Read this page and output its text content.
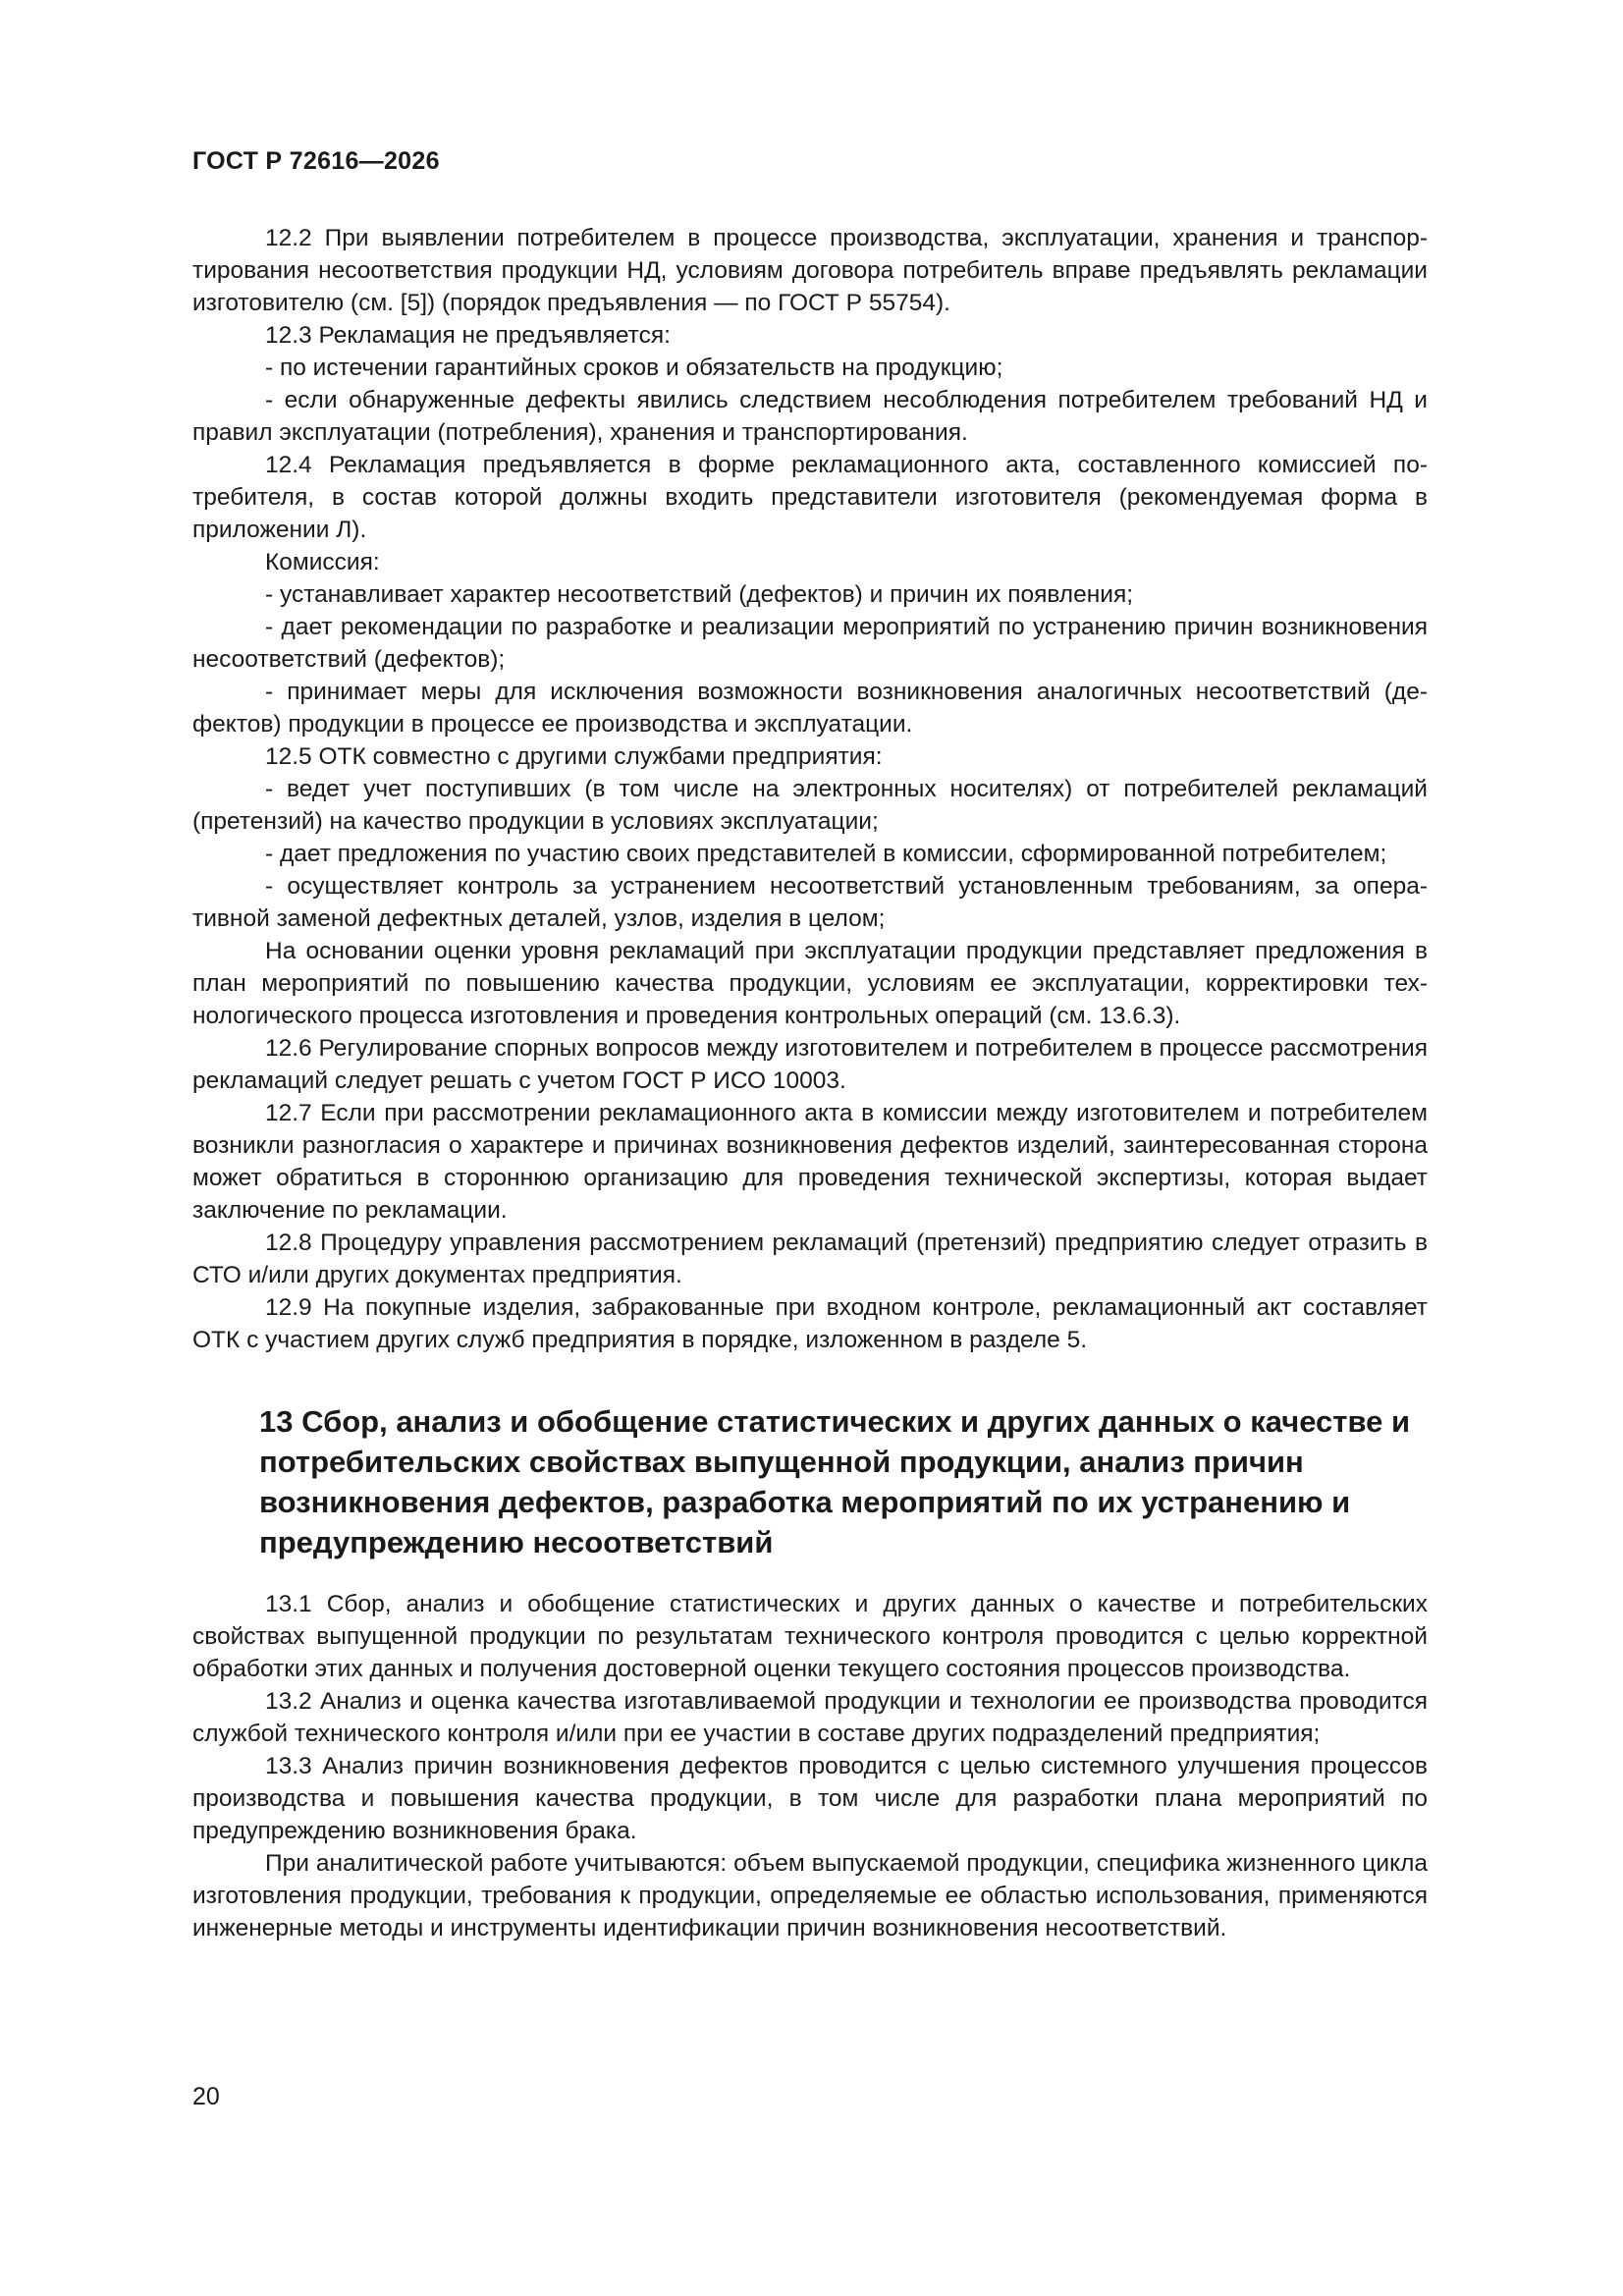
ГОСТ Р 72616—2026

12.2 При выявлении потребителем в процессе производства, эксплуатации, хранения и транспортирования несоответствия продукции НД, условиям договора потребитель вправе предъявлять рекламации изготовителю (см. [5]) (порядок предъявления — по ГОСТ Р 55754).

12.3 Рекламация не предъявляется:

- по истечении гарантийных сроков и обязательств на продукцию;

- если обнаруженные дефекты явились следствием несоблюдения потребителем требований НД и правил эксплуатации (потребления), хранения и транспортирования.

12.4 Рекламация предъявляется в форме рекламационного акта, составленного комиссией потребителя, в состав которой должны входить представители изготовителя (рекомендуемая форма в приложении Л).

Комиссия:

- устанавливает характер несоответствий (дефектов) и причин их появления;

- дает рекомендации по разработке и реализации мероприятий по устранению причин возникновения несоответствий (дефектов);

- принимает меры для исключения возможности возникновения аналогичных несоответствий (дефектов) продукции в процессе ее производства и эксплуатации.

12.5 ОТК совместно с другими службами предприятия:

- ведет учет поступивших (в том числе на электронных носителях) от потребителей рекламаций (претензий) на качество продукции в условиях эксплуатации;

- дает предложения по участию своих представителей в комиссии, сформированной потребителем;

- осуществляет контроль за устранением несоответствий установленным требованиям, за оперативной заменой дефектных деталей, узлов, изделия в целом;

На основании оценки уровня рекламаций при эксплуатации продукции представляет предложения в план мероприятий по повышению качества продукции, условиям ее эксплуатации, корректировки технологического процесса изготовления и проведения контрольных операций (см. 13.6.3).

12.6 Регулирование спорных вопросов между изготовителем и потребителем в процессе рассмотрения рекламаций следует решать с учетом ГОСТ Р ИСО 10003.

12.7 Если при рассмотрении рекламационного акта в комиссии между изготовителем и потребителем возникли разногласия о характере и причинах возникновения дефектов изделий, заинтересованная сторона может обратиться в стороннюю организацию для проведения технической экспертизы, которая выдает заключение по рекламации.

12.8 Процедуру управления рассмотрением рекламаций (претензий) предприятию следует отразить в СТО и/или других документах предприятия.

12.9 На покупные изделия, забракованные при входном контроле, рекламационный акт составляет ОТК с участием других служб предприятия в порядке, изложенном в разделе 5.

13 Сбор, анализ и обобщение статистических и других данных о качестве и потребительских свойствах выпущенной продукции, анализ причин возникновения дефектов, разработка мероприятий по их устранению и предупреждению несоответствий

13.1 Сбор, анализ и обобщение статистических и других данных о качестве и потребительских свойствах выпущенной продукции по результатам технического контроля проводится с целью корректной обработки этих данных и получения достоверной оценки текущего состояния процессов производства.

13.2 Анализ и оценка качества изготавливаемой продукции и технологии ее производства проводится службой технического контроля и/или при ее участии в составе других подразделений предприятия;

13.3 Анализ причин возникновения дефектов проводится с целью системного улучшения процессов производства и повышения качества продукции, в том числе для разработки плана мероприятий по предупреждению возникновения брака.

При аналитической работе учитываются: объем выпускаемой продукции, специфика жизненного цикла изготовления продукции, требования к продукции, определяемые ее областью использования, применяются инженерные методы и инструменты идентификации причин возникновения несоответствий.

20
